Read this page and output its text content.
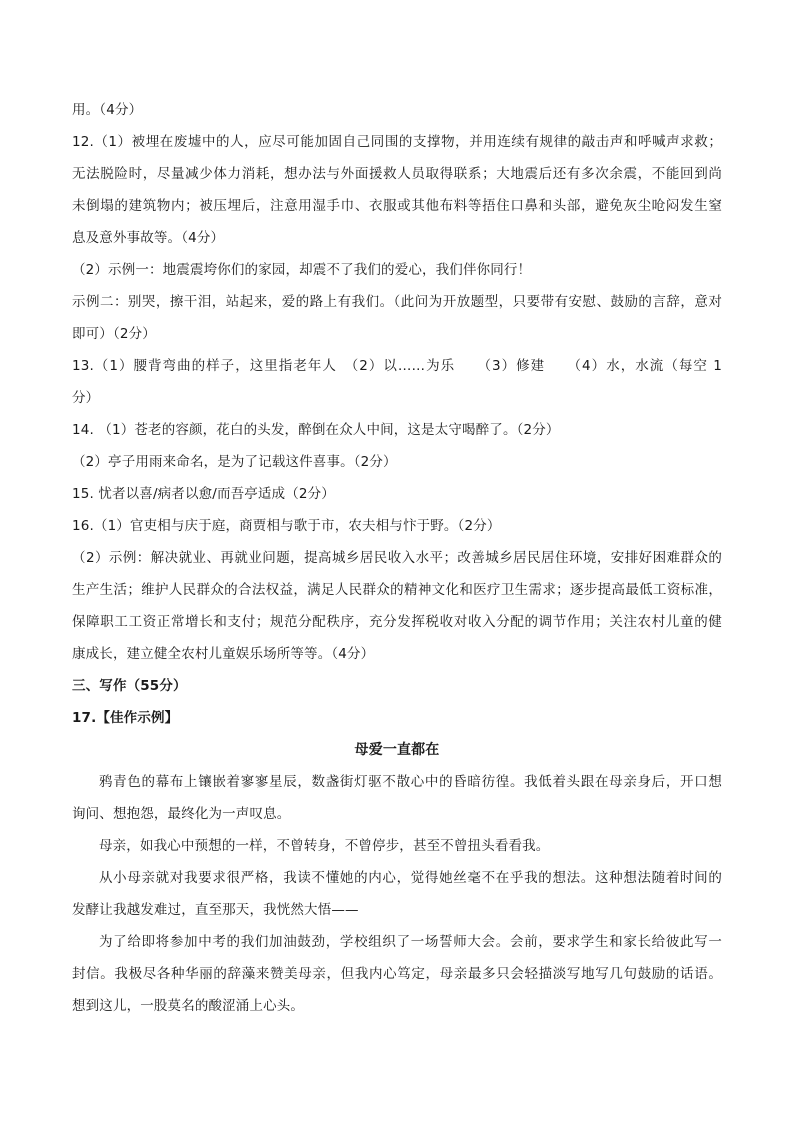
用。（4分）
12.（1）被埋在废墟中的人，应尽可能加固自己同围的支撑物，并用连续有规律的敲击声和呼喊声求救；
无法脱险时，尽量减少体力消耗，想办法与外面援救人员取得联系；大地震后还有多次余震，不能回到尚
未倒塌的建筑物内；被压埋后，注意用湿手巾、衣服或其他布料等捂住口鼻和头部，避免灰尘呛闷发生窒
息及意外事故等。（4分）
（2）示例一：地震震垮你们的家园，却震不了我们的爱心，我们伴你同行！
示例二：别哭，擦干泪，站起来，爱的路上有我们。（此问为开放题型，只要带有安慰、鼓励的言辞，意对
即可）（2分）
13.（1）腰背弯曲的样子，这里指老年人　（2）以……为乐　　（3）修建　　（4）水，水流（每空 1
分）
14. （1）苍老的容颜，花白的头发，醉倒在众人中间，这是太守喝醉了。（2分）
（2）亭子用雨来命名，是为了记载这件喜事。（2分）
15. 忧者以喜/病者以愈/而吾亭适成（2分）
16.（1）官吏相与庆于庭，商贾相与歌于市，农夫相与忭于野。（2分）
（2）示例：解决就业、再就业问题，提高城乡居民收入水平；改善城乡居民居住环境，安排好困难群众的
生产生活；维护人民群众的合法权益，满足人民群众的精神文化和医疗卫生需求；逐步提高最低工资标准，
保障职工工资正常增长和支付；规范分配秩序，充分发挥税收对收入分配的调节作用；关注农村儿童的健
康成长，建立健全农村儿童娱乐场所等等。（4分）
三、写作（55分）
17.【佳作示例】
母爱一直都在
鸦青色的幕布上镶嵌着寥寥星辰，数盏街灯驱不散心中的昏暗彷徨。我低着头跟在母亲身后，开口想
询问、想抱怨，最终化为一声叹息。
母亲，如我心中预想的一样，不曾转身，不曾停步，甚至不曾扭头看看我。
从小母亲就对我要求很严格，我读不懂她的内心，觉得她丝毫不在乎我的想法。这种想法随着时间的
发酵让我越发难过，直至那天，我恍然大悟——
为了给即将参加中考的我们加油鼓劲，学校组织了一场誓师大会。会前，要求学生和家长给彼此写一
封信。我极尽各种华丽的辞藻来赞美母亲，但我内心笃定，母亲最多只会轻描淡写地写几句鼓励的话语。
想到这儿，一股莫名的酸涩涌上心头。
